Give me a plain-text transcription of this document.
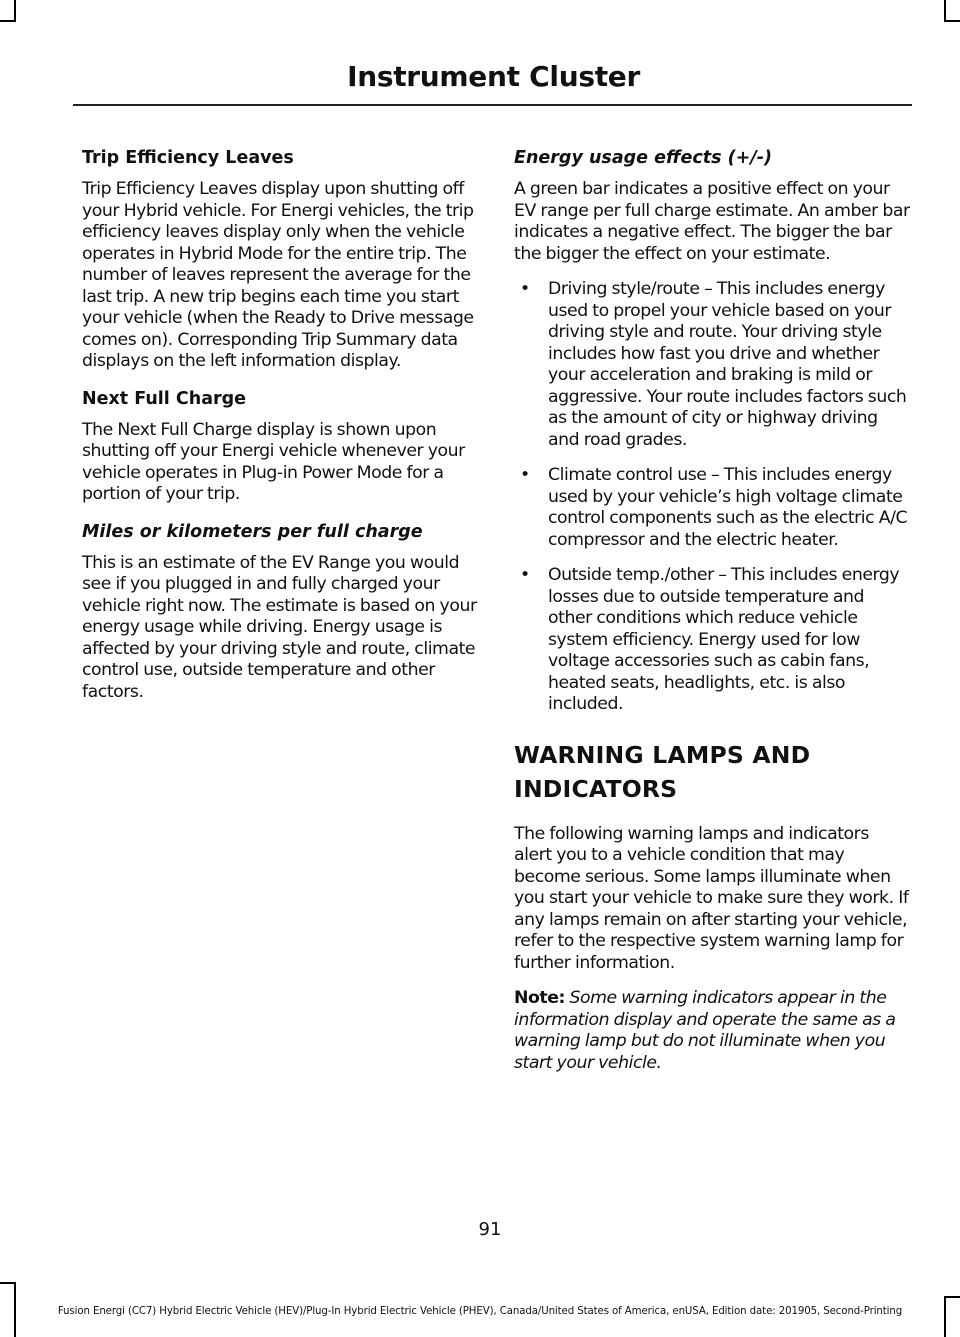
Instrument Cluster
Trip Efficiency Leaves

Trip Efficiency Leaves display upon shutting off your Hybrid vehicle. For Energi vehicles, the trip efficiency leaves display only when the vehicle operates in Hybrid Mode for the entire trip. The number of leaves represent the average for the last trip. A new trip begins each time you start your vehicle (when the Ready to Drive message comes on). Corresponding Trip Summary data displays on the left information display.

Next Full Charge

The Next Full Charge display is shown upon shutting off your Energi vehicle whenever your vehicle operates in Plug-in Power Mode for a portion of your trip.

Miles or kilometers per full charge

This is an estimate of the EV Range you would see if you plugged in and fully charged your vehicle right now. The estimate is based on your energy usage while driving. Energy usage is affected by your driving style and route, climate control use, outside temperature and other factors.

Energy usage effects (+/-)

A green bar indicates a positive effect on your EV range per full charge estimate. An amber bar indicates a negative effect. The bigger the bar the bigger the effect on your estimate.

• Driving style/route – This includes energy used to propel your vehicle based on your driving style and route. Your driving style includes how fast you drive and whether your acceleration and braking is mild or aggressive. Your route includes factors such as the amount of city or highway driving and road grades.
• Climate control use – This includes energy used by your vehicle’s high voltage climate control components such as the electric A/C compressor and the electric heater.
• Outside temp./other – This includes energy losses due to outside temperature and other conditions which reduce vehicle system efficiency. Energy used for low voltage accessories such as cabin fans, heated seats, headlights, etc. is also included.
WARNING LAMPS AND INDICATORS

The following warning lamps and indicators alert you to a vehicle condition that may become serious. Some lamps illuminate when you start your vehicle to make sure they work. If any lamps remain on after starting your vehicle, refer to the respective system warning lamp for further information.

Note: Some warning indicators appear in the information display and operate the same as a warning lamp but do not illuminate when you start your vehicle.

91
Fusion Energi (CC7) Hybrid Electric Vehicle (HEV)/Plug-In Hybrid Electric Vehicle (PHEV), Canada/United States of America, enUSA, Edition date: 201905, Second-Printing
